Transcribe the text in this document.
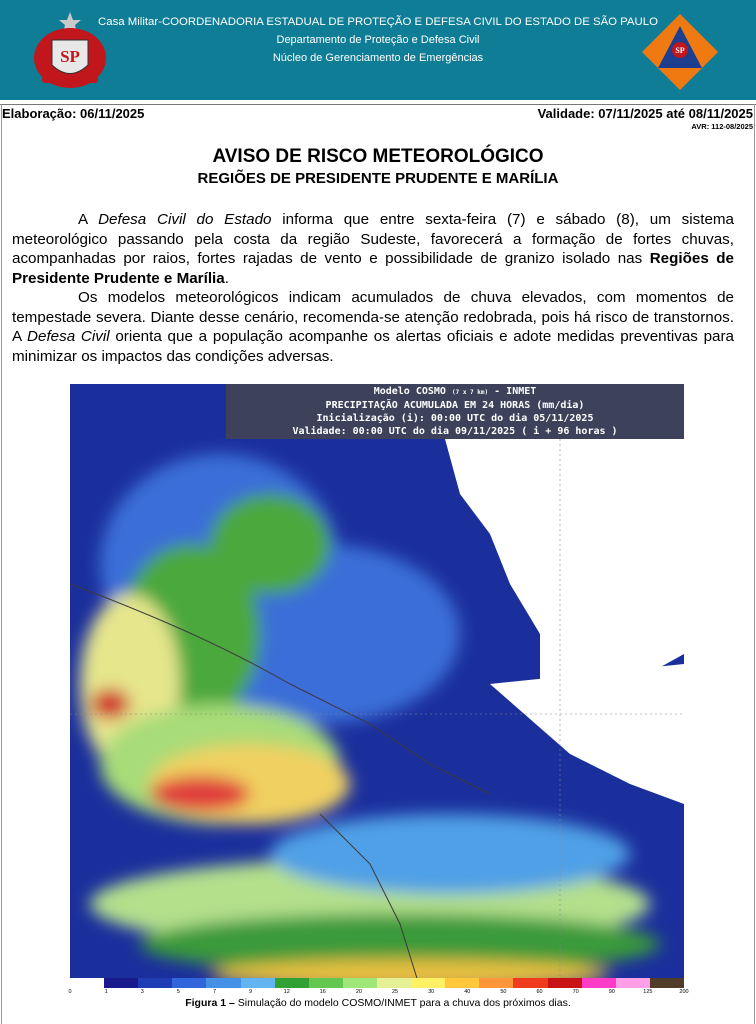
SP
Casa Militar-COORDENADORIA ESTADUAL DE PROTEÇÃO E DEFESA CIVIL DO ESTADO DE SÃO PAULO
Departamento de Proteção e Defesa Civil
Núcleo de Gerenciamento de Emergências
SP
Elaboração: 06/11/2025	Validade: 07/11/2025 até 08/11/2025
AVR: 112-08/2025
AVISO DE RISCO METEOROLÓGICO
REGIÕES DE PRESIDENTE PRUDENTE E MARÍLIA

A Defesa Civil do Estado informa que entre sexta-feira (7) e sábado (8), um sistema meteorológico passando pela costa da região Sudeste, favorecerá a formação de fortes chuvas, acompanhadas por raios, fortes rajadas de vento e possibilidade de granizo isolado nas Regiões de Presidente Prudente e Marília.

Os modelos meteorológicos indicam acumulados de chuva elevados, com momentos de tempestade severa. Diante desse cenário, recomenda-se atenção redobrada, pois há risco de transtornos. A Defesa Civil orienta que a população acompanhe os alertas oficiais e adote medidas preventivas para minimizar os impactos das condições adversas.

Modelo COSMO (7 x 7 km) - INMET
PRECIPITAÇÃO ACUMULADA EM 24 HORAS (mm/dia)
Inicialização (i): 00:00 UTC do dia 05/11/2025
Validade: 00:00 UTC do dia 09/11/2025 ( i + 96 horas )
0	1	3	5	7	9	12	16	20	25	30	40	50	60	70	90	125	200
Figura 1 – Simulação do modelo COSMO/INMET para a chuva dos próximos dias.
